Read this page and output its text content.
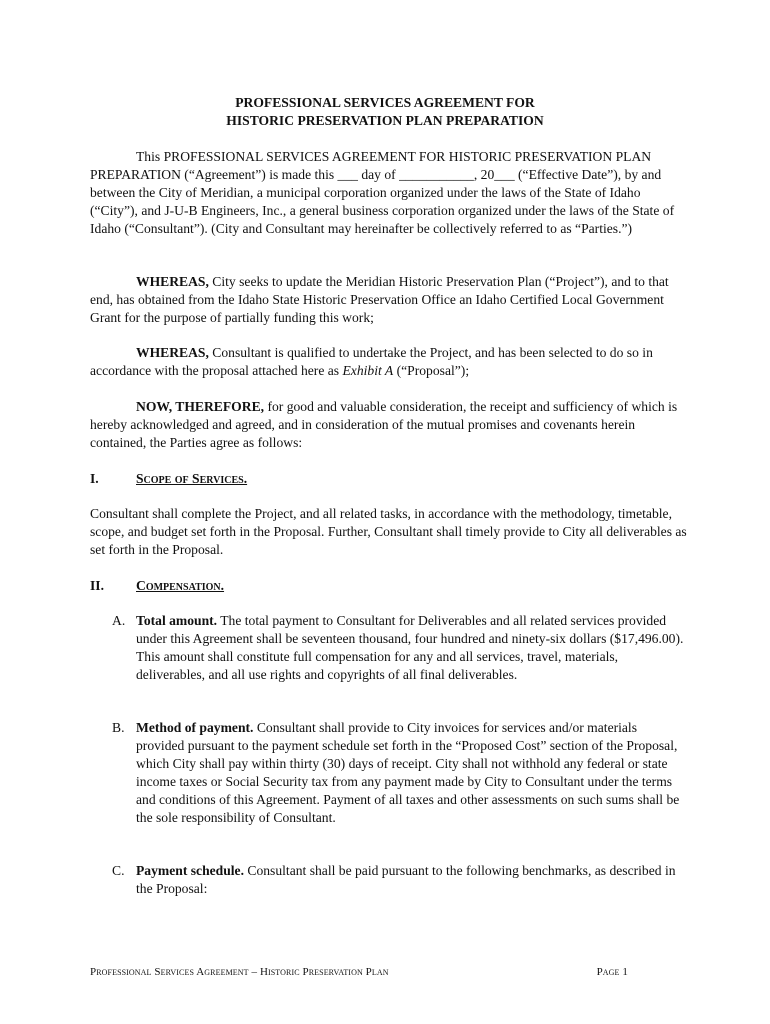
PROFESSIONAL SERVICES AGREEMENT FOR
HISTORIC PRESERVATION PLAN PREPARATION

This PROFESSIONAL SERVICES AGREEMENT FOR HISTORIC PRESERVATION PLAN PREPARATION (“Agreement”) is made this ___ day of ___________, 20___ (“Effective Date”), by and between the City of Meridian, a municipal corporation organized under the laws of the State of Idaho (“City”), and J-U-B Engineers, Inc., a general business corporation organized under the laws of the State of Idaho (“Consultant”). (City and Consultant may hereinafter be collectively referred to as “Parties.”)

WHEREAS, City seeks to update the Meridian Historic Preservation Plan (“Project”), and to that end, has obtained from the Idaho State Historic Preservation Office an Idaho Certified Local Government Grant for the purpose of partially funding this work;

WHEREAS, Consultant is qualified to undertake the Project, and has been selected to do so in accordance with the proposal attached here as Exhibit A (“Proposal”);

NOW, THEREFORE, for good and valuable consideration, the receipt and sufficiency of which is hereby acknowledged and agreed, and in consideration of the mutual promises and covenants herein contained, the Parties agree as follows:

I.	Scope of Services.

Consultant shall complete the Project, and all related tasks, in accordance with the methodology, timetable, scope, and budget set forth in the Proposal. Further, Consultant shall timely provide to City all deliverables as set forth in the Proposal.

II. Compensation.
A. Total amount. The total payment to Consultant for Deliverables and all related services provided under this Agreement shall be seventeen thousand, four hundred and ninety-six dollars ($17,496.00). This amount shall constitute full compensation for any and all services, travel, materials, deliverables, and all use rights and copyrights of all final deliverables.
B. Method of payment. Consultant shall provide to City invoices for services and/or materials provided pursuant to the payment schedule set forth in the “Proposed Cost” section of the Proposal, which City shall pay within thirty (30) days of receipt. City shall not withhold any federal or state income taxes or Social Security tax from any payment made by City to Consultant under the terms and conditions of this Agreement. Payment of all taxes and other assessments on such sums shall be the sole responsibility of Consultant.
C. Payment schedule. Consultant shall be paid pursuant to the following benchmarks, as described in the Proposal:
Professional Services Agreement – Historic Preservation Plan	Page 1
